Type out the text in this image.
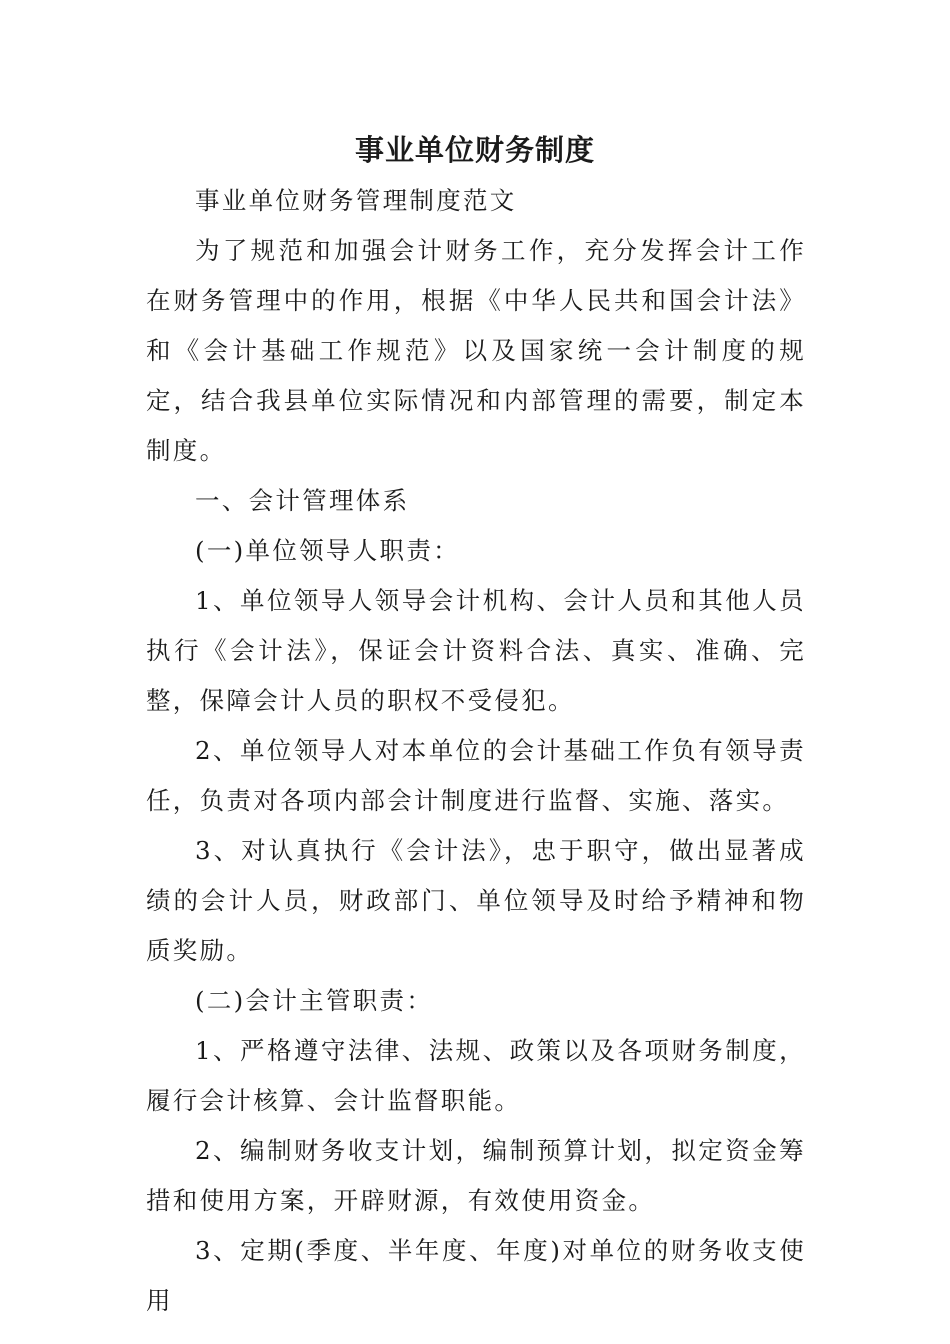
事业单位财务制度

事业单位财务管理制度范文

为了规范和加强会计财务工作，充分发挥会计工作在财务管理中的作用，根据《中华人民共和国会计法》和《会计基础工作规范》以及国家统一会计制度的规定，结合我县单位实际情况和内部管理的需要，制定本制度。

一、会计管理体系

(一)单位领导人职责：

1、单位领导人领导会计机构、会计人员和其他人员执行《会计法》，保证会计资料合法、真实、准确、完整，保障会计人员的职权不受侵犯。

2、单位领导人对本单位的会计基础工作负有领导责任，负责对各项内部会计制度进行监督、实施、落实。

3、对认真执行《会计法》，忠于职守，做出显著成绩的会计人员，财政部门、单位领导及时给予精神和物质奖励。

(二)会计主管职责：

1、严格遵守法律、法规、政策以及各项财务制度，履行会计核算、会计监督职能。

2、编制财务收支计划，编制预算计划，拟定资金筹措和使用方案，开辟财源，有效使用资金。

3、定期(季度、半年度、年度)对单位的财务收支使用
